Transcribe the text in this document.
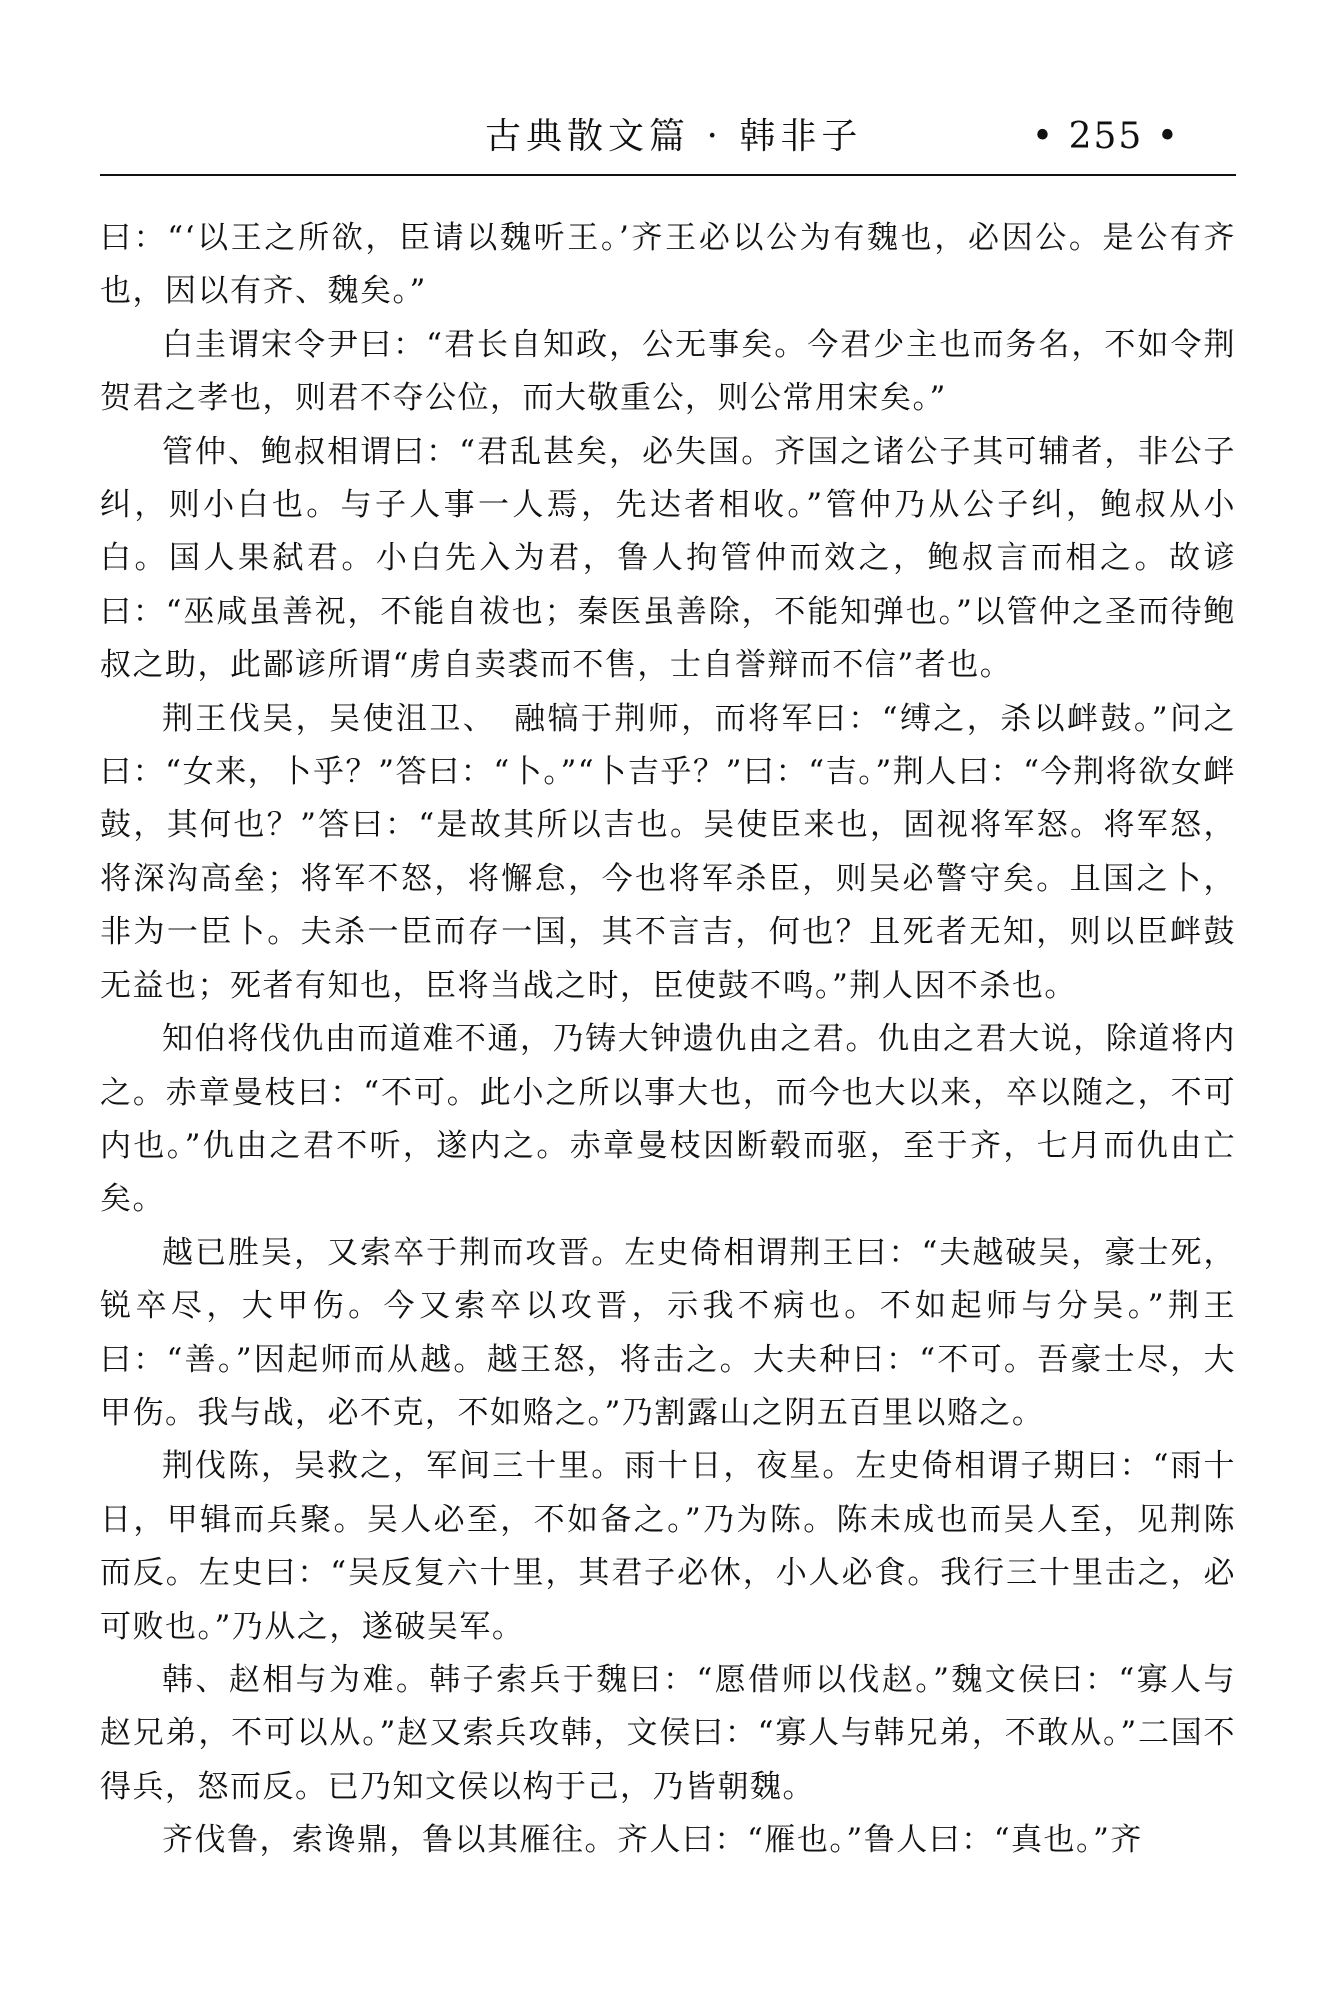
古典散文篇 · 韩非子	• 255 •

曰：“‘以王之所欲，臣请以魏听王。’齐王必以公为有魏也，必因公。是公有齐也，因以有齐、魏矣。”

白圭谓宋令尹曰：“君长自知政，公无事矣。今君少主也而务名，不如令荆贺君之孝也，则君不夺公位，而大敬重公，则公常用宋矣。”

管仲、鲍叔相谓曰：“君乱甚矣，必失国。齐国之诸公子其可辅者，非公子纠，则小白也。与子人事一人焉，先达者相收。”管仲乃从公子纠，鲍叔从小白。国人果弑君。小白先入为君，鲁人拘管仲而效之，鲍叔言而相之。故谚曰：“巫咸虽善祝，不能自祓也；秦医虽善除，不能知弹也。”以管仲之圣而待鲍叔之助，此鄙谚所谓“虏自卖裘而不售，士自誉辩而不信”者也。

荆王伐吴，吴使沮卫、　融犒于荆师，而将军曰：“缚之，杀以衅鼓。”问之曰：“女来，卜乎？”答曰：“卜。”“卜吉乎？”曰：“吉。”荆人曰：“今荆将欲女衅鼓，其何也？”答曰：“是故其所以吉也。吴使臣来也，固视将军怒。将军怒，将深沟高垒；将军不怒，将懈怠，今也将军杀臣，则吴必警守矣。且国之卜，非为一臣卜。夫杀一臣而存一国，其不言吉，何也？且死者无知，则以臣衅鼓无益也；死者有知也，臣将当战之时，臣使鼓不鸣。”荆人因不杀也。

知伯将伐仇由而道难不通，乃铸大钟遗仇由之君。仇由之君大说，除道将内之。赤章曼枝曰：“不可。此小之所以事大也，而今也大以来，卒以随之，不可内也。”仇由之君不听，遂内之。赤章曼枝因断毂而驱，至于齐，七月而仇由亡矣。

越已胜吴，又索卒于荆而攻晋。左史倚相谓荆王曰：“夫越破吴，豪士死，锐卒尽，大甲伤。今又索卒以攻晋，示我不病也。不如起师与分吴。”荆王曰：“善。”因起师而从越。越王怒，将击之。大夫种曰：“不可。吾豪士尽，大甲伤。我与战，必不克，不如赂之。”乃割露山之阴五百里以赂之。

荆伐陈，吴救之，军间三十里。雨十日，夜星。左史倚相谓子期曰：“雨十日，甲辑而兵聚。吴人必至，不如备之。”乃为陈。陈未成也而吴人至，见荆陈而反。左史曰：“吴反复六十里，其君子必休，小人必食。我行三十里击之，必可败也。”乃从之，遂破吴军。

韩、赵相与为难。韩子索兵于魏曰：“愿借师以伐赵。”魏文侯曰：“寡人与赵兄弟，不可以从。”赵又索兵攻韩，文侯曰：“寡人与韩兄弟，不敢从。”二国不得兵，怒而反。已乃知文侯以构于己，乃皆朝魏。

齐伐鲁，索谗鼎，鲁以其雁往。齐人曰：“雁也。”鲁人曰：“真也。”齐
